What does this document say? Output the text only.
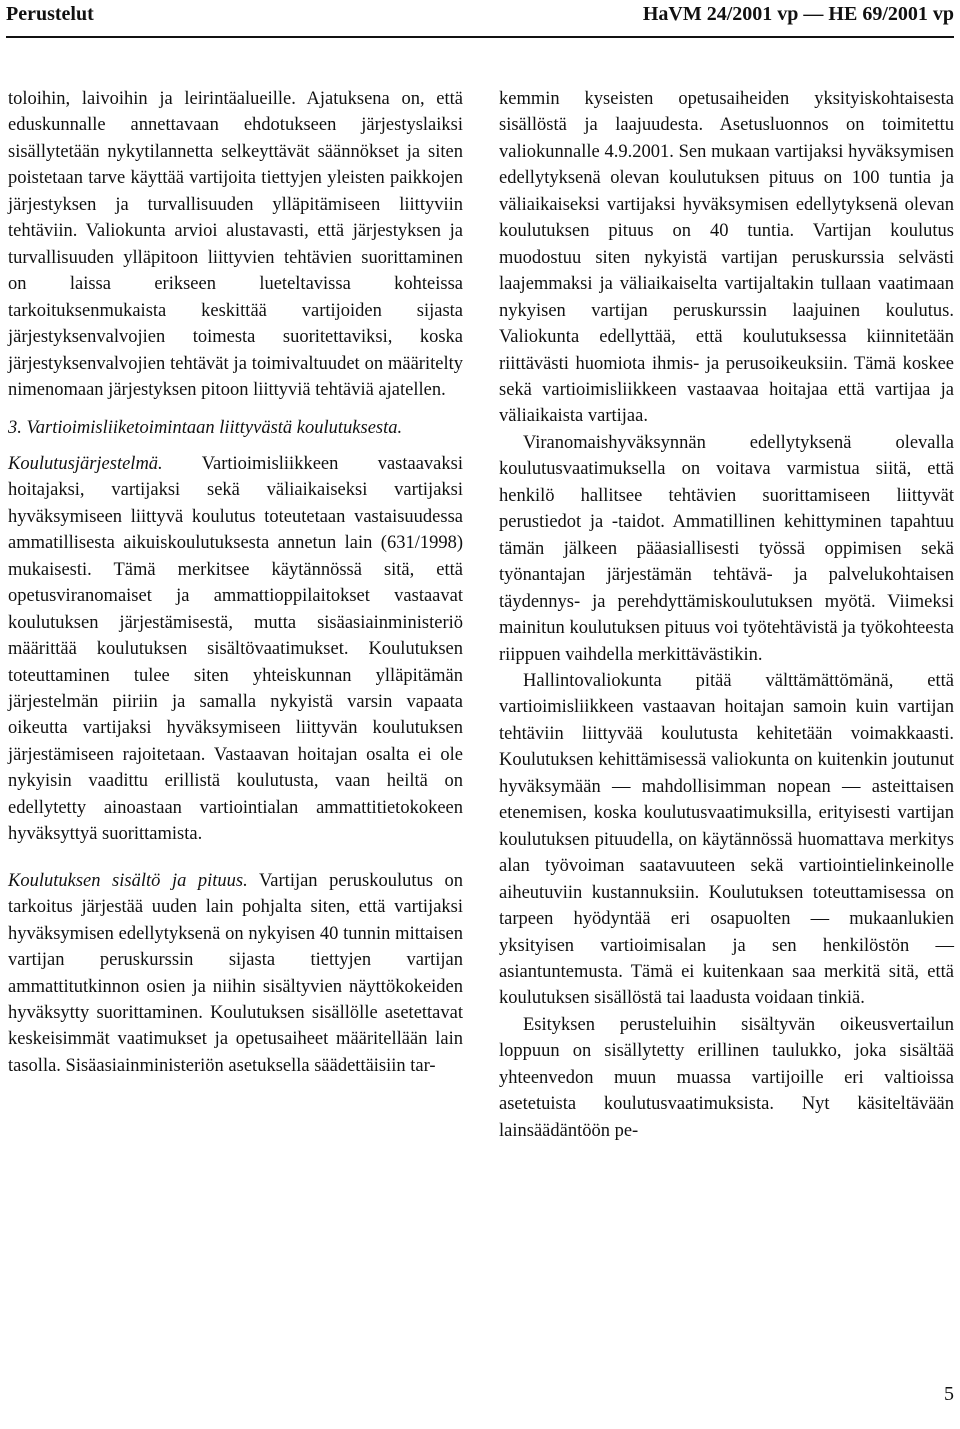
Perustelut	HaVM 24/2001 vp — HE 69/2001 vp

toloihin, laivoihin ja leirintäalueille. Ajatuksena on, että eduskunnalle annettavaan ehdotukseen järjestyslaiksi sisällytetään nykytilannetta selkeyttävät säännökset ja siten poistetaan tarve käyttää vartijoita tiettyjen yleisten paikkojen järjestyksen ja turvallisuuden ylläpitämiseen liittyviin tehtäviin. Valiokunta arvioi alustavasti, että järjestyksen ja turvallisuuden ylläpitoon liittyvien tehtävien suorittaminen on laissa erikseen lueteltavissa kohteissa tarkoituksenmukaista keskittää vartijoiden sijasta järjestyksenvalvojien toimesta suoritettaviksi, koska järjestyksenvalvojien tehtävät ja toimivaltuudet on määritelty nimenomaan järjestyksen pitoon liittyviä tehtäviä ajatellen.

3. Vartioimisliiketoimintaan liittyvästä koulutuksesta.

Koulutusjärjestelmä. Vartioimisliikkeen vastaavaksi hoitajaksi, vartijaksi sekä väliaikaiseksi vartijaksi hyväksymiseen liittyvä koulutus toteutetaan vastaisuudessa ammatillisesta aikuiskoulutuksesta annetun lain (631/1998) mukaisesti. Tämä merkitsee käytännössä sitä, että opetusviranomaiset ja ammattioppilaitokset vastaavat koulutuksen järjestämisestä, mutta sisäasiainministeriö määrittää koulutuksen sisältövaatimukset. Koulutuksen toteuttaminen tulee siten yhteiskunnan ylläpitämän järjestelmän piiriin ja samalla nykyistä varsin vapaata oikeutta vartijaksi hyväksymiseen liittyvän koulutuksen järjestämiseen rajoitetaan. Vastaavan hoitajan osalta ei ole nykyisin vaadittu erillistä koulutusta, vaan heiltä on edellytetty ainoastaan vartiointialan ammattitietokokeen hyväksyttyä suorittamista.

Koulutuksen sisältö ja pituus. Vartijan peruskoulutus on tarkoitus järjestää uuden lain pohjalta siten, että vartijaksi hyväksymisen edellytyksenä on nykyisen 40 tunnin mittaisen vartijan peruskurssin sijasta tiettyjen vartijan ammattitutkinnon osien ja niihin sisältyvien näyttökokeiden hyväksytty suorittaminen. Koulutuksen sisällölle asetettavat keskeisimmät vaatimukset ja opetusaiheet määritellään lain tasolla. Sisäasiainministeriön asetuksella säädettäisiin tar-

kemmin kyseisten opetusaiheiden yksityiskohtaisesta sisällöstä ja laajuudesta. Asetusluonnos on toimitettu valiokunnalle 4.9.2001. Sen mukaan vartijaksi hyväksymisen edellytyksenä olevan koulutuksen pituus on 100 tuntia ja väliaikaiseksi vartijaksi hyväksymisen edellytyksenä olevan koulutuksen pituus on 40 tuntia. Vartijan koulutus muodostuu siten nykyistä vartijan peruskurssia selvästi laajemmaksi ja väliaikaiselta vartijaltakin tullaan vaatimaan nykyisen vartijan peruskurssin laajuinen koulutus. Valiokunta edellyttää, että koulutuksessa kiinnitetään riittävästi huomiota ihmis- ja perusoikeuksiin. Tämä koskee sekä vartioimisliikkeen vastaavaa hoitajaa että vartijaa ja väliaikaista vartijaa.

Viranomaishyväksynnän edellytyksenä olevalla koulutusvaatimuksella on voitava varmistua siitä, että henkilö hallitsee tehtävien suorittamiseen liittyvät perustiedot ja -taidot. Ammatillinen kehittyminen tapahtuu tämän jälkeen pääasiallisesti työssä oppimisen sekä työnantajan järjestämän tehtävä- ja palvelukohtaisen täydennys- ja perehdyttämiskoulutuksen myötä. Viimeksi mainitun koulutuksen pituus voi työtehtävistä ja työkohteesta riippuen vaihdella merkittävästikin.

Hallintovaliokunta pitää välttämättömänä, että vartioimisliikkeen vastaavan hoitajan samoin kuin vartijan tehtäviin liittyvää koulutusta kehitetään voimakkaasti. Koulutuksen kehittämisessä valiokunta on kuitenkin joutunut hyväksymään — mahdollisimman nopean — asteittaisen etenemisen, koska koulutusvaatimuksilla, erityisesti vartijan koulutuksen pituudella, on käytännössä huomattava merkitys alan työvoiman saatavuuteen sekä vartiointielinkeinolle aiheutuviin kustannuksiin. Koulutuksen toteuttamisessa on tarpeen hyödyntää eri osapuolten — mukaanlukien yksityisen vartioimisalan ja sen henkilöstön — asiantuntemusta. Tämä ei kuitenkaan saa merkitä sitä, että koulutuksen sisällöstä tai laadusta voidaan tinkiä.

Esityksen perusteluihin sisältyvän oikeusvertailun loppuun on sisällytetty erillinen taulukko, joka sisältää yhteenvedon muun muassa vartijoille eri valtioissa asetetuista koulutusvaatimuksista. Nyt käsiteltävään lainsäädäntöön pe-

5
